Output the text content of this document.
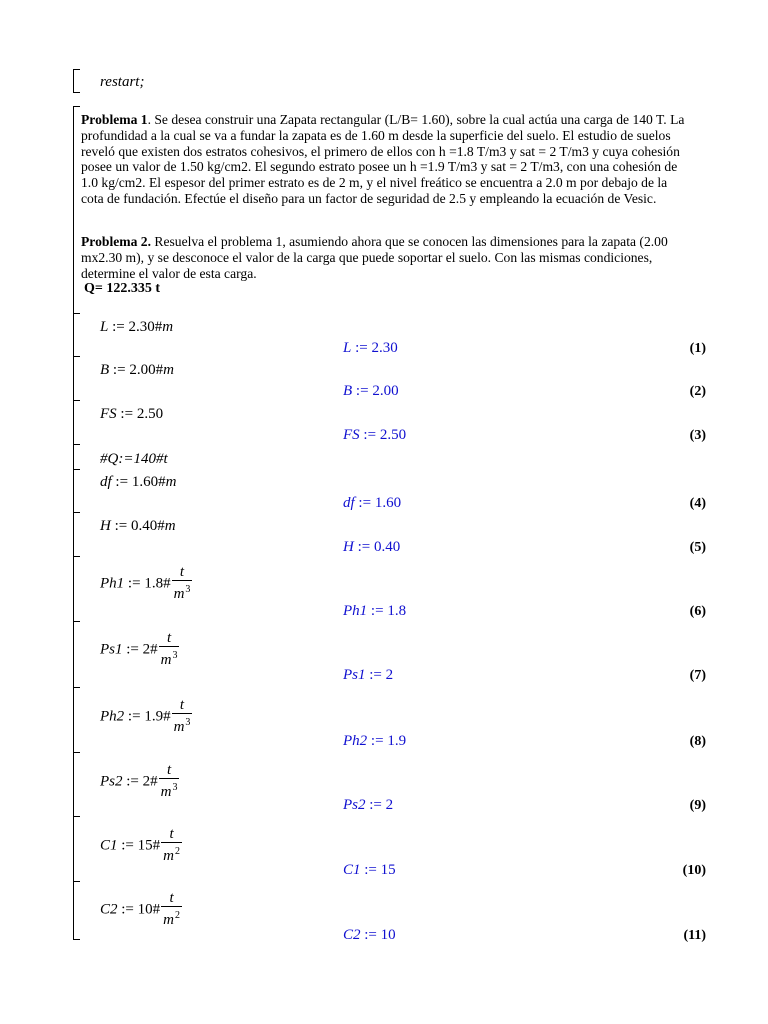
restart;
Problema 1. Se desea construir una Zapata rectangular (L/B= 1.60), sobre la cual actúa una carga de 140 T. La profundidad a la cual se va a fundar la zapata es de 1.60 m desde la superficie del suelo. El estudio de suelos reveló que existen dos estratos cohesivos, el primero de ellos con h =1.8 T/m3 y sat = 2 T/m3 y cuya cohesión posee un valor de 1.50 kg/cm2. El segundo estrato posee un h =1.9 T/m3 y sat = 2 T/m3, con una cohesión de 1.0 kg/cm2. El espesor del primer estrato es de 2 m, y el nivel freático se encuentra a 2.0 m por debajo de la cota de fundación. Efectúe el diseño para un factor de seguridad de 2.5 y empleando la ecuación de Vesic.
Problema 2. Resuelva el problema 1, asumiendo ahora que se conocen las dimensiones para la zapata (2.00 mx2.30 m), y se desconoce el valor de la carga que puede soportar el suelo. Con las mismas condiciones, determine el valor de esta carga.
Q= 122.335 t
L := 2.30#m
L := 2.30	(1)
B := 2.00#m
B := 2.00	(2)
FS := 2.50
FS := 2.50	(3)
#Q:=140#t
df := 1.60#m
df := 1.60	(4)
H := 0.40#m
H := 0.40	(5)
Ph1 := 1.8# $\frac{t}{m^3}$
Ph1 := 1.8	(6)
Ps1 := 2# $\frac{t}{m^3}$
Ps1 := 2	(7)
Ph2 := 1.9# $\frac{t}{m^3}$
Ph2 := 1.9	(8)
Ps2 := 2# $\frac{t}{m^3}$
Ps2 := 2	(9)
C1 := 15# $\frac{t}{m^2}$
C1 := 15	(10)
C2 := 10# $\frac{t}{m^2}$
C2 := 10	(11)
